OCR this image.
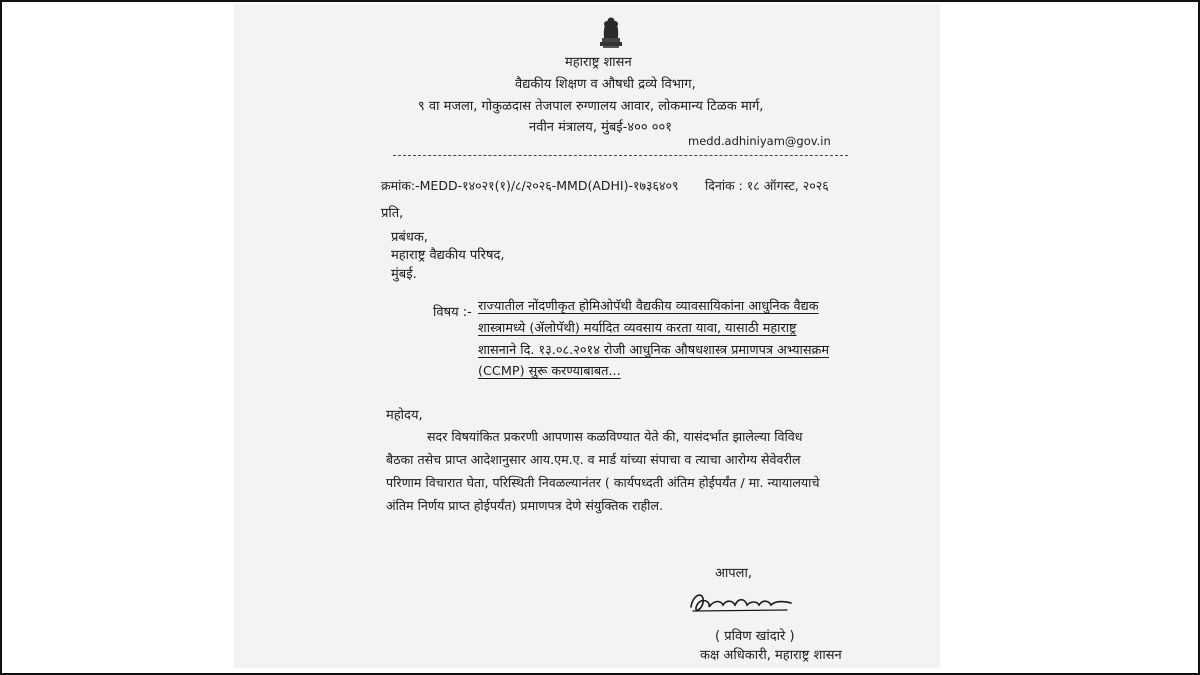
महाराष्ट्र शासन
वैद्यकीय शिक्षण व औषधी द्रव्ये विभाग,
९ वा मजला, गोकुळदास तेजपाल रुग्णालय आवार, लोकमान्य टिळक मार्ग,
नवीन मंत्रालय, मुंबई-४०० ००१
medd.adhiniyam@gov.in
क्रमांक:-MEDD-१४०२१(१)/८/२०२६-MMD(ADHI)-१७३६४०९ दिनांक : १८ ऑगस्ट, २०२६
प्रति,
प्रबंधक,
महाराष्ट्र वैद्यकीय परिषद,
मुंबई.
विषय :- राज्यातील नोंदणीकृत होमिओपॅथी वैद्यकीय व्यावसायिकांना आधुनिक वैद्यक
शास्त्रामध्ये (ॲलोपॅथी) मर्यादित व्यवसाय करता यावा, यासाठी महाराष्ट्र
शासनाने दि. १३.०८.२०१४ रोजी आधुनिक औषधशास्त्र प्रमाणपत्र अभ्यासक्रम
(CCMP) सुरू करण्याबाबत...
महोदय,
सदर विषयांकित प्रकरणी आपणास कळविण्यात येते की, यासंदर्भात झालेल्या विविध
बैठका तसेच प्राप्त आदेशानुसार आय.एम.ए. व मार्ड यांच्या संपाचा व त्याचा आरोग्य सेवेवरील
परिणाम विचारात घेता, परिस्थिती निवळल्यानंतर ( कार्यपध्दती अंतिम होईपर्यंत / मा. न्यायालयाचे
अंतिम निर्णय प्राप्त होईपर्यंत) प्रमाणपत्र देणे संयुक्तिक राहील.
आपला,
( प्रविण खांदारे )
कक्ष अधिकारी, महाराष्ट्र शासन
